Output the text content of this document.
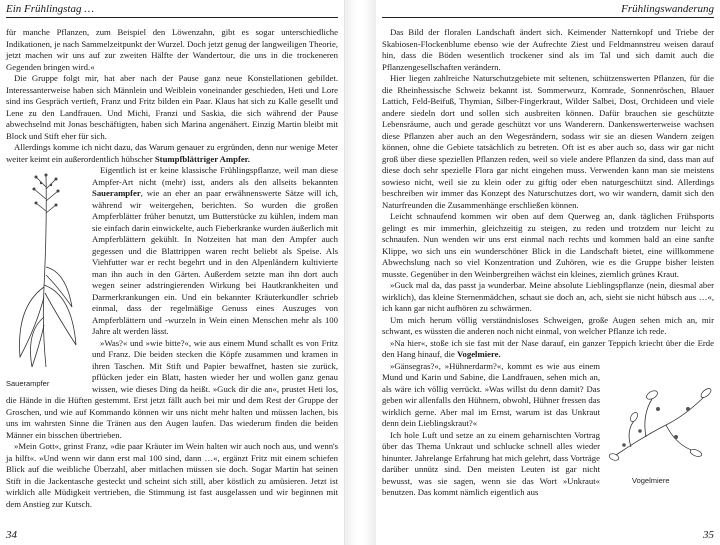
Ein Frühlingstag …

für manche Pflanzen, zum Beispiel den Löwenzahn, gibt es sogar unterschiedliche Indikationen, je nach Sammelzeitpunkt der Wurzel. Doch jetzt genug der langweiligen Theorie, jetzt machen wir uns auf zur zweiten Hälfte der Wandertour, die uns in die trockeneren Gegenden bringen wird.«

Die Gruppe folgt mir, hat aber nach der Pause ganz neue Konstellationen gebildet. Interessanterweise haben sich Männlein und Weiblein voneinander geschieden, Heti und Lore sind ins Gespräch vertieft, Franz und Fritz bilden ein Paar. Klaus hat sich zu Kalle gesellt und Lene zu den Landfrauen. Und Michi, Franzi und Saskia, die sich während der Pause abwechselnd mit Jonas beschäftigten, haben sich Marina angenähert. Einzig Martin bleibt mit Block und Stift eher für sich.

Allerdings komme ich nicht dazu, das Warum genauer zu ergründen, denn nur wenige Meter weiter keimt ein außerordentlich hübscher Stumpfblättriger Ampfer.

Sauerampfer

Eigentlich ist er keine klassische Frühlingspflanze, weil man diese Ampfer-Art nicht (mehr) isst, anders als den allseits bekannten Sauerampfer, wie an eher an paar erwähnenswerte Sätze will ich, während wir weitergehen, berichten. So wurden die großen Ampferblätter früher benutzt, um Butterstücke zu kühlen, indem man sie einfach darin einwickelte, auch Fieberkranke wurden äußerlich mit Ampferblättern gekühlt. In Notzeiten hat man den Ampfer auch gegessen und die Blattrippen waren recht beliebt als Speise. Als Viehfutter war er recht begehrt und in den Alpenländern kultivierte man ihn auch in den Gärten. Außerdem setzte man ihn dort auch wegen seiner adstringierenden Wirkung bei Hautkrankheiten und Darmerkrankungen ein. Und ein bekannter Kräuterkundler schrieb einmal, dass der regelmäßige Genuss eines Auszuges von Ampferblättern und -wurzeln in Wein einen Menschen mehr als 100 Jahre alt werden lässt.

»Was?« und »wie bitte?«, wie aus einem Mund schallt es von Fritz und Franz. Die beiden stecken die Köpfe zusammen und kramen in ihren Taschen. Mit Stift und Papier bewaffnet, hasten sie zurück, pflücken jeder ein Blatt, hasten wieder her und wollen ganz genau wissen, wie dieses Ding da heißt. »Guck dir die an«, prustet Heti los, die Hände in die Hüften gestemmt. Erst jetzt fällt auch bei mir und dem Rest der Gruppe der Groschen, und wie auf Kommando können wir uns nicht mehr halten und müssen lachen, bis uns im wahrsten Sinne die Tränen aus den Augen laufen. Das wiederum finden die beiden Männer ein bisschen übertrieben.

»Mein Gott«, grinst Franz, »die paar Kräuter im Wein halten wir auch noch aus, und wenn's ja hilft«. »Und wenn wir dann erst mal 100 sind, dann …«, ergänzt Fritz mit einem schiefen Blick auf die weibliche Überzahl, aber mitlachen müssen sie doch. Sogar Martin hat seinen Stift in die Jackentasche gesteckt und scheint sich still, aber köstlich zu amüsieren. Jetzt ist wirklich alle Müdigkeit vertrieben, die Stimmung ist fast ausgelassen und wir beginnen mit dem Anstieg zur Kutsch.

34
Frühlingswanderung

Das Bild der floralen Landschaft ändert sich. Keimender Natternkopf und Triebe der Skabiosen-Flockenblume ebenso wie der Aufrechte Ziest und Feldmannstreu weisen darauf hin, dass die Böden wesentlich trockener sind als im Tal und sich damit auch die Pflanzengesellschaften verändern.

Hier liegen zahlreiche Naturschutzgebiete mit seltenen, schützenswerten Pflanzen, für die die Rheinhessische Schweiz bekannt ist. Sommerwurz, Kornrade, Sonnenröschen, Blauer Lattich, Feld-Beifuß, Thymian, Silber-Fingerkraut, Wilder Salbei, Dost, Orchideen und viele andere siedeln dort und sollen sich ausbreiten können. Dafür brauchen sie geschützte Lebensräume, auch und gerade geschützt vor uns Wanderern. Dankenswerterweise wachsen diese Pflanzen aber auch an den Wegesrändern, sodass wir sie an diesen Wandern zeigen können, ohne die Gebiete tatsächlich zu betreten. Oft ist es aber auch so, dass wir gar nicht groß über diese speziellen Pflanzen reden, weil so viele andere Pflanzen da sind, dass man auf diese doch sehr spezielle Flora gar nicht eingehen muss. Verwenden kann man sie meistens sowieso nicht, weil sie zu klein oder zu giftig oder eben naturgeschützt sind. Allerdings beschreiben wir immer das Konzept des Naturschutzes dort, wo wir wandern, damit sich den Naturfreunden die Zusammenhänge erschließen können.

Leicht schnaufend kommen wir oben auf dem Querweg an, dank täglichen Frühsports gelingt es mir immerhin, gleichzeitig zu steigen, zu reden und trotzdem nur leicht zu schnaufen. Nun wenden wir uns erst einmal nach rechts und kommen bald an eine sanfte Klippe, wo sich uns ein wunderschöner Blick in die Landschaft bietet, eine willkommene Abwechslung nach so viel Konzentration und Zuhören, wie es die Gruppe bisher leisten musste. Gegenüber in den Weinbergreihen wächst ein kleines, ziemlich grünes Kraut.

»Guck mal da, das passt ja wunderbar. Meine absolute Lieblingspflanze (nein, diesmal aber wirklich), das kleine Sternenmädchen, schaut sie doch an, ach, sieht sie nicht hübsch aus …«, ich kann gar nicht aufhören zu schwärmen.

Um mich herum völlig verständnisloses Schweigen, große Augen sehen mich an, mir schwant, es wüssten die anderen noch nicht einmal, von welcher Pflanze ich rede.

»Na hier«, stoße ich sie fast mit der Nase darauf, ein ganzer Teppich kriecht über die Erde den Hang hinauf, die Vogelmiere.

Vogelmiere

»Gänsegras?«, »Hühnerdarm?«, kommt es wie aus einem Mund und Karin und Sabine, die Landfrauen, sehen mich an, als wäre ich völlig verrückt. »Was willst du denn damit? Das geben wir allenfalls den Hühnern, obwohl, Hühner fressen das wirklich gerne. Aber mal im Ernst, warum ist das Unkraut denn dein Lieblingskraut?«

Ich hole Luft und setze an zu einem geharnischten Vortrag über das Thema Unkraut und schlucke schnell alles wieder hinunter. Jahrelange Erfahrung hat mich gelehrt, dass Vorträge darüber unnütz sind. Den meisten Leuten ist gar nicht bewusst, was sie sagen, wenn sie das Wort »Unkraut« benutzen. Das kommt nämlich eigentlich aus

35
